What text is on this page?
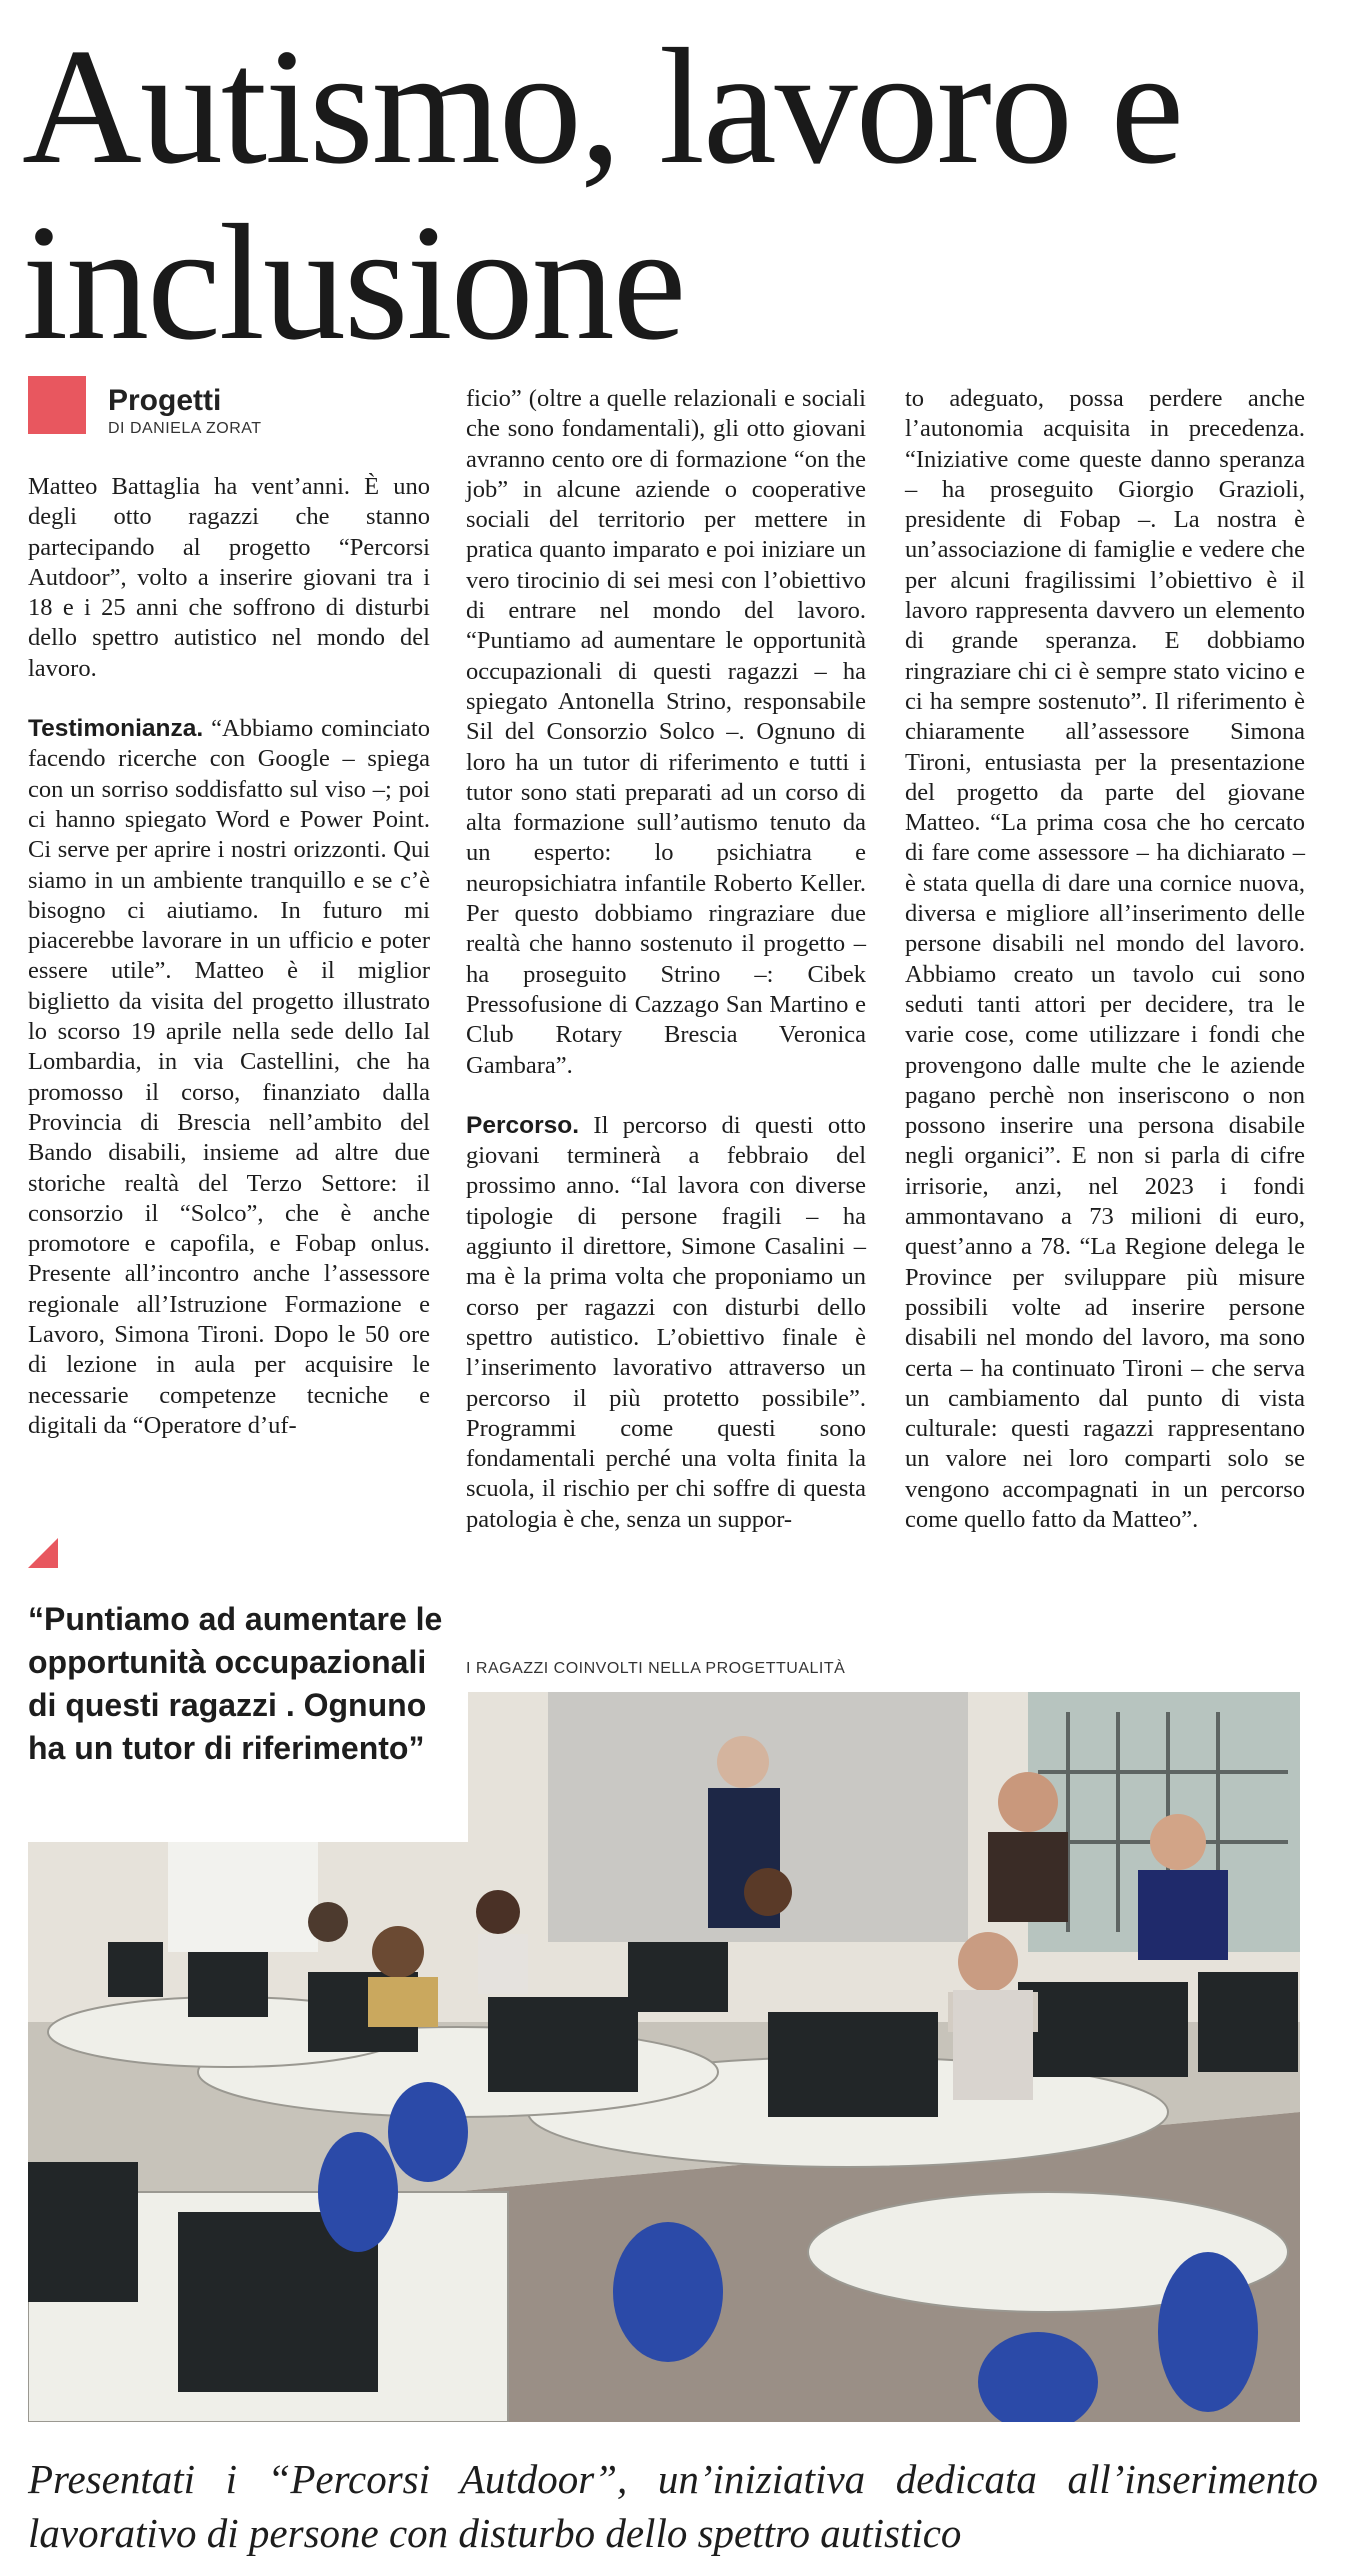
Autismo, lavoro e inclusione
Progetti
DI DANIELA ZORAT

Matteo Battaglia ha vent’anni. È uno degli otto ragazzi che stanno partecipando al progetto “Percorsi Autdoor”, volto a inserire giovani tra i 18 e i 25 anni che soffrono di disturbi dello spettro autistico nel mondo del lavoro.

Testimonianza. “Abbiamo cominciato facendo ricerche con Google – spiega con un sorriso soddisfatto sul viso –; poi ci hanno spiegato Word e Power Point. Ci serve per aprire i nostri orizzonti. Qui siamo in un ambiente tranquillo e se c’è bisogno ci aiutiamo. In futuro mi piacerebbe lavorare in un ufficio e poter essere utile”. Matteo è il miglior biglietto da visita del progetto illustrato lo scorso 19 aprile nella sede dello Ial Lombardia, in via Castellini, che ha promosso il corso, finanziato dalla Provincia di Brescia nell’ambito del Bando disabili, insieme ad altre due storiche realtà del Terzo Settore: il consorzio il “Solco”, che è anche promotore e capofila, e Fobap onlus. Presente all’incontro anche l’assessore regionale all’Istruzione Formazione e Lavoro, Simona Tironi. Dopo le 50 ore di lezione in aula per acquisire le necessarie competenze tecniche e digitali da “Operatore d’uf-

ficio” (oltre a quelle relazionali e sociali che sono fondamentali), gli otto giovani avranno cento ore di formazione “on the job” in alcune aziende o cooperative sociali del territorio per mettere in pratica quanto imparato e poi iniziare un vero tirocinio di sei mesi con l’obiettivo di entrare nel mondo del lavoro. “Puntiamo ad aumentare le opportunità occupazionali di questi ragazzi – ha spiegato Antonella Strino, responsabile Sil del Consorzio Solco –. Ognuno di loro ha un tutor di riferimento e tutti i tutor sono stati preparati ad un corso di alta formazione sull’autismo tenuto da un esperto: lo psichiatra e neuropsichiatra infantile Roberto Keller. Per questo dobbiamo ringraziare due realtà che hanno sostenuto il progetto – ha proseguito Strino –: Cibek Pressofusione di Cazzago San Martino e Club Rotary Brescia Veronica Gambara”.

Percorso. Il percorso di questi otto giovani terminerà a febbraio del prossimo anno. “Ial lavora con diverse tipologie di persone fragili – ha aggiunto il direttore, Simone Casalini – ma è la prima volta che proponiamo un corso per ragazzi con disturbi dello spettro autistico. L’obiettivo finale è l’inserimento lavorativo attraverso un percorso il più protetto possibile”. Programmi come questi sono fondamentali perché una volta finita la scuola, il rischio per chi soffre di questa patologia è che, senza un suppor-

to adeguato, possa perdere anche l’autonomia acquisita in precedenza. “Iniziative come queste danno speranza – ha proseguito Giorgio Grazioli, presidente di Fobap –. La nostra è un’associazione di famiglie e vedere che per alcuni fragilissimi l’obiettivo è il lavoro rappresenta davvero un elemento di grande speranza. E dobbiamo ringraziare chi ci è sempre stato vicino e ci ha sempre sostenuto”. Il riferimento è chiaramente all’assessore Simona Tironi, entusiasta per la presentazione del progetto da parte del giovane Matteo. “La prima cosa che ho cercato di fare come assessore – ha dichiarato – è stata quella di dare una cornice nuova, diversa e migliore all’inserimento delle persone disabili nel mondo del lavoro. Abbiamo creato un tavolo cui sono seduti tanti attori per decidere, tra le varie cose, come utilizzare i fondi che provengono dalle multe che le aziende pagano perchè non inseriscono o non possono inserire una persona disabile negli organici”. E non si parla di cifre irrisorie, anzi, nel 2023 i fondi ammontavano a 73 milioni di euro, quest’anno a 78. “La Regione delega le Province per sviluppare più misure possibili volte ad inserire persone disabili nel mondo del lavoro, ma sono certa – ha continuato Tironi – che serva un cambiamento dal punto di vista culturale: questi ragazzi rappresentano un valore nei loro comparti solo se vengono accompagnati in un percorso come quello fatto da Matteo”.

I RAGAZZI COINVOLTI NELLA PROGETTUALITÀ
“Puntiamo ad aumentare le opportunità occupazionali di questi ragazzi . Ognuno ha un tutor di riferimento”
Presentati i “Percorsi Autdoor”, un’iniziativa dedicata all’inserimento lavorativo di persone con disturbo dello spettro autistico
